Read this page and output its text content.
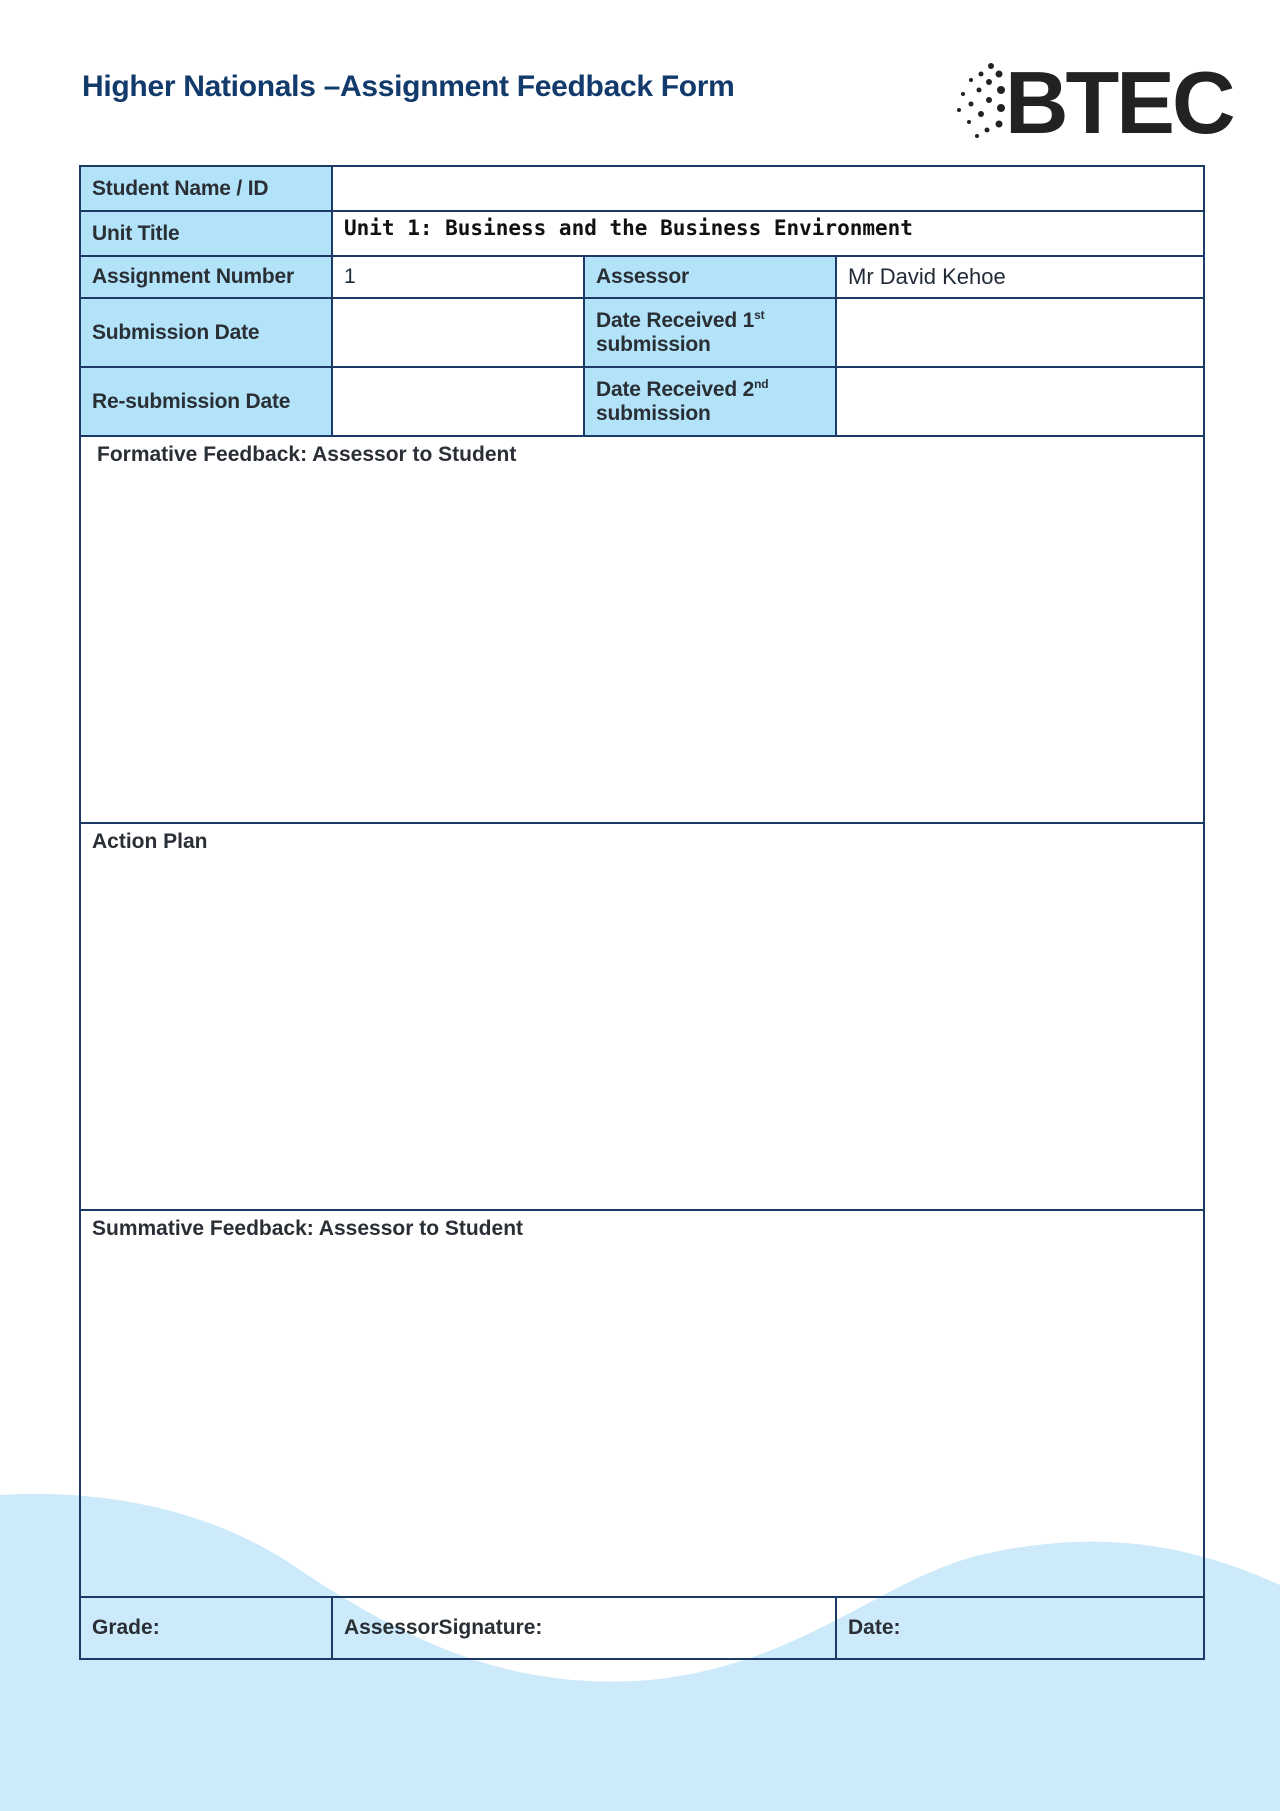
Higher Nationals –Assignment Feedback Form	BTEC
Student Name / ID			
Unit Title	Unit 1: Business and the Business Environment		
Assignment Number	1	Assessor	Mr David Kehoe
Submission Date		Date Received 1st
submission	
Re-submission Date		Date Received 2nd
submission	
Formative Feedback: Assessor to Student			
Action Plan			
Summative Feedback: Assessor to Student			
Grade:	AssessorSignature:		Date:
